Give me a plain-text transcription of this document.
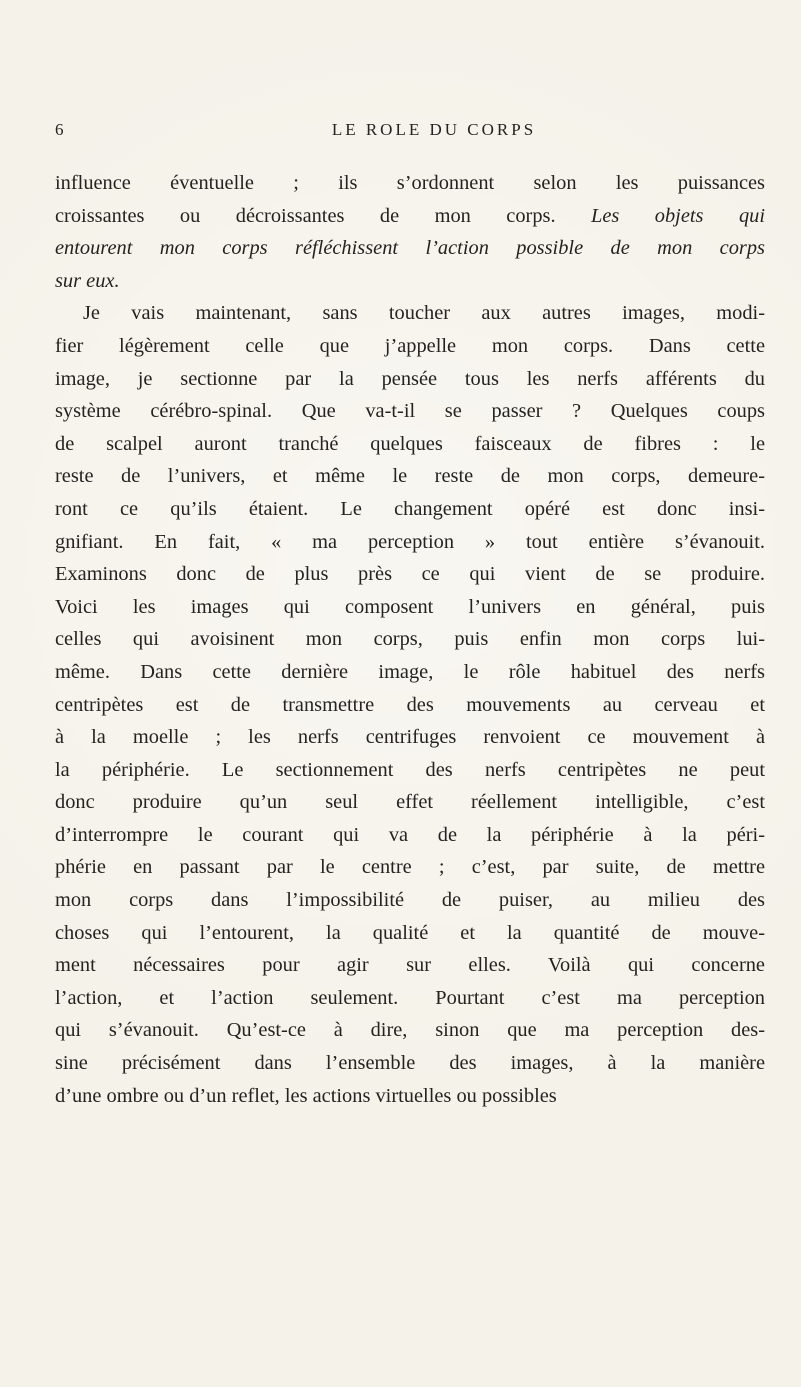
6	LE ROLE DU CORPS
influence éventuelle ; ils s’ordonnent selon les puissances
croissantes ou décroissantes de mon corps. Les objets qui
entourent mon corps réfléchissent l’action possible de mon corps
sur eux.
Je vais maintenant, sans toucher aux autres images, modi-
fier légèrement celle que j’appelle mon corps. Dans cette
image, je sectionne par la pensée tous les nerfs afférents du
système cérébro-spinal. Que va-t-il se passer ? Quelques coups
de scalpel auront tranché quelques faisceaux de fibres : le
reste de l’univers, et même le reste de mon corps, demeure-
ront ce qu’ils étaient. Le changement opéré est donc insi-
gnifiant. En fait, « ma perception » tout entière s’évanouit.
Examinons donc de plus près ce qui vient de se produire.
Voici les images qui composent l’univers en général, puis
celles qui avoisinent mon corps, puis enfin mon corps lui-
même. Dans cette dernière image, le rôle habituel des nerfs
centripètes est de transmettre des mouvements au cerveau et
à la moelle ; les nerfs centrifuges renvoient ce mouvement à
la périphérie. Le sectionnement des nerfs centripètes ne peut
donc produire qu’un seul effet réellement intelligible, c’est
d’interrompre le courant qui va de la périphérie à la péri-
phérie en passant par le centre ; c’est, par suite, de mettre
mon corps dans l’impossibilité de puiser, au milieu des
choses qui l’entourent, la qualité et la quantité de mouve-
ment nécessaires pour agir sur elles. Voilà qui concerne
l’action, et l’action seulement. Pourtant c’est ma perception
qui s’évanouit. Qu’est-ce à dire, sinon que ma perception des-
sine précisément dans l’ensemble des images, à la manière
d’une ombre ou d’un reflet, les actions virtuelles ou possibles
